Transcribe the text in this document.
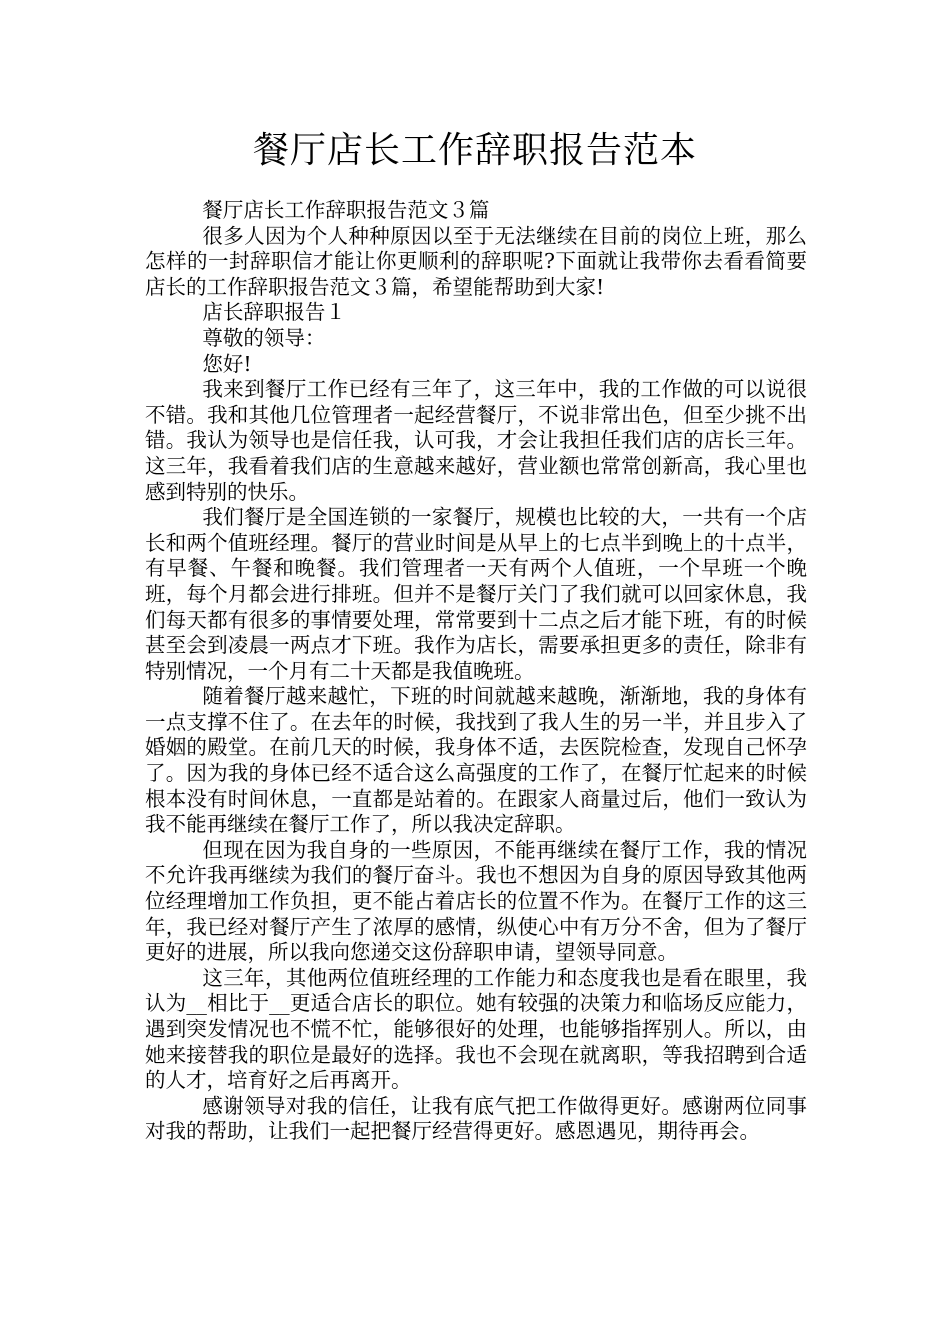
餐厅店长工作辞职报告范本

餐厅店长工作辞职报告范文３篇

很多人因为个人种种原因以至于无法继续在目前的岗位上班，那么怎样的一封辞职信才能让你更顺利的辞职呢?下面就让我带你去看看简要店长的工作辞职报告范文３篇，希望能帮助到大家!

店长辞职报告１

尊敬的领导：

您好!

我来到餐厅工作已经有三年了，这三年中，我的工作做的可以说很不错。我和其他几位管理者一起经营餐厅，不说非常出色，但至少挑不出错。我认为领导也是信任我，认可我，才会让我担任我们店的店长三年。这三年，我看着我们店的生意越来越好，营业额也常常创新高，我心里也感到特别的快乐。

我们餐厅是全国连锁的一家餐厅，规模也比较的大，一共有一个店长和两个值班经理。餐厅的营业时间是从早上的七点半到晚上的十点半，有早餐、午餐和晚餐。我们管理者一天有两个人值班，一个早班一个晚班，每个月都会进行排班。但并不是餐厅关门了我们就可以回家休息，我们每天都有很多的事情要处理，常常要到十二点之后才能下班，有的时候甚至会到凌晨一两点才下班。我作为店长，需要承担更多的责任，除非有特别情况，一个月有二十天都是我值晚班。

随着餐厅越来越忙，下班的时间就越来越晚，渐渐地，我的身体有一点支撑不住了。在去年的时候，我找到了我人生的另一半，并且步入了婚姻的殿堂。在前几天的时候，我身体不适，去医院检查，发现自己怀孕了。因为我的身体已经不适合这么高强度的工作了，在餐厅忙起来的时候根本没有时间休息，一直都是站着的。在跟家人商量过后，他们一致认为我不能再继续在餐厅工作了，所以我决定辞职。

但现在因为我自身的一些原因，不能再继续在餐厅工作，我的情况不允许我再继续为我们的餐厅奋斗。我也不想因为自身的原因导致其他两位经理增加工作负担，更不能占着店长的位置不作为。在餐厅工作的这三年，我已经对餐厅产生了浓厚的感情，纵使心中有万分不舍，但为了餐厅更好的进展，所以我向您递交这份辞职申请，望领导同意。

这三年，其他两位值班经理的工作能力和态度我也是看在眼里，我认为__相比于__更适合店长的职位。她有较强的决策力和临场反应能力，遇到突发情况也不慌不忙，能够很好的处理，也能够指挥别人。所以，由她来接替我的职位是最好的选择。我也不会现在就离职，等我招聘到合适的人才，培育好之后再离开。

感谢领导对我的信任，让我有底气把工作做得更好。感谢两位同事对我的帮助，让我们一起把餐厅经营得更好。感恩遇见，期待再会。
